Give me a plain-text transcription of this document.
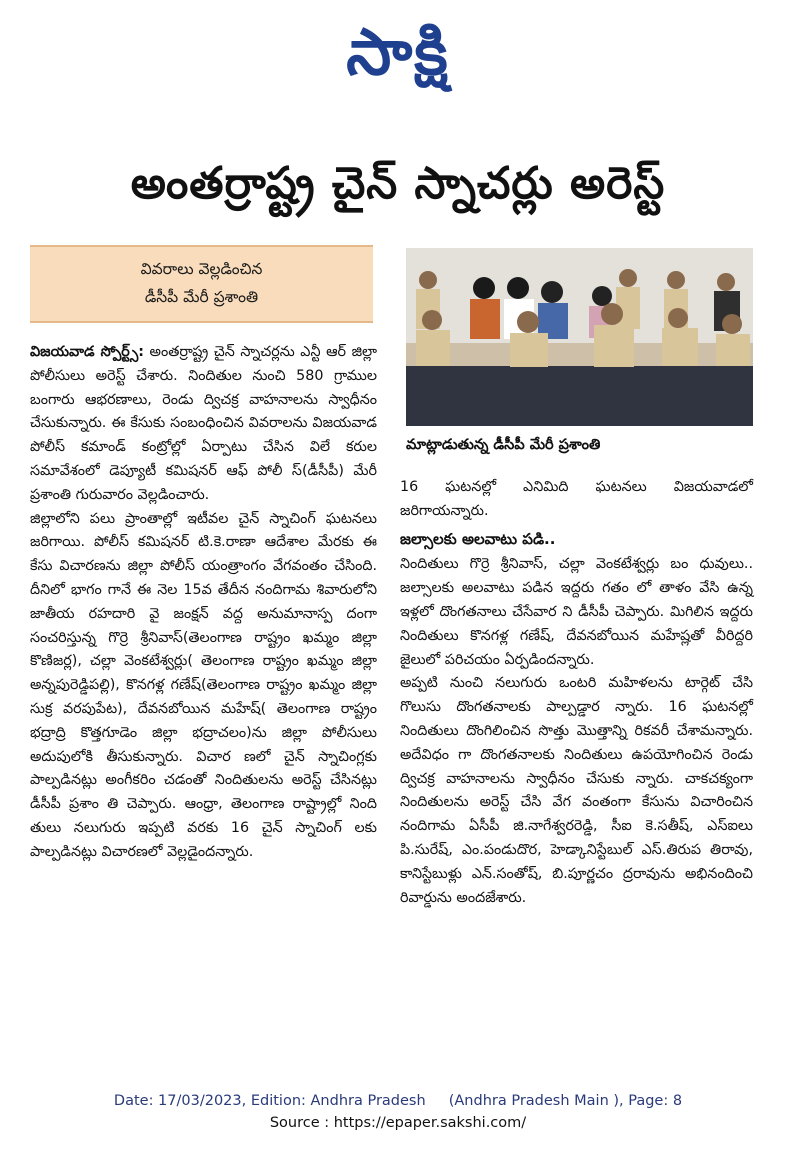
సాక్షి
అంతర్రాష్ట్ర చైన్ స్నాచర్లు అరెస్ట్
వివరాలు వెల్లడించిన
డీసీపీ మేరీ ప్రశాంతి
మాట్లాడుతున్న డీసీపీ మేరీ ప్రశాంతి

విజయవాడ స్పోర్ట్స్: అంతర్రాష్ట్ర చైన్ స్నాచర్లను ఎన్టీ ఆర్ జిల్లా పోలీసులు అరెస్ట్ చేశారు. నిందితుల నుంచి 580 గ్రాముల బంగారు ఆభరణాలు, రెండు ద్విచక్ర వాహనాలను స్వాధీనం చేసుకున్నారు. ఈ కేసుకు సంబంధించిన వివరాలను విజయవాడ పోలీస్ కమాండ్ కంట్రోల్లో ఏర్పాటు చేసిన విలే కరుల సమావేశంలో డెప్యూటీ కమిషనర్ ఆఫ్ పోలీ స్(డీసీపీ) మేరీ ప్రశాంతి గురువారం వెల్లడించారు.

జిల్లాలోని పలు ప్రాంతాల్లో ఇటీవల చైన్ స్నాచింగ్ ఘటనలు జరిగాయి. పోలీస్ కమిషనర్ టి.కె.రాణా ఆదేశాల మేరకు ఈ కేసు విచారణను జిల్లా పోలీస్ యంత్రాంగం వేగవంతం చేసింది. దీనిలో భాగం గానే ఈ నెల 15వ తేదీన నందిగామ శివారులోని జాతీయ రహదారి వై జంక్షన్ వద్ద అనుమానాస్ప దంగా సంచరిస్తున్న గొర్రె శ్రీనివాస్(తెలంగాణ రాష్ట్రం ఖమ్మం జిల్లా కొణిజర్ల), చల్లా వెంకటేశ్వర్లు( తెలంగాణ రాష్ట్రం ఖమ్మం జిల్లా అన్నపురెడ్డిపల్లి), కొనగళ్ల గణేష్(తెలంగాణ రాష్ట్రం ఖమ్మం జిల్లా సుక్ర వరపుపేట), దేవనబోయిన మహేష్( తెలంగాణ రాష్ట్రం భద్రాద్రి కొత్తగూడెం జిల్లా భద్రాచలం)ను జిల్లా పోలీసులు అదుపులోకి తీసుకున్నారు. విచార ణలో చైన్ స్నాచింగ్లకు పాల్పడినట్లు అంగీకరిం చడంతో నిందితులను అరెస్ట్ చేసినట్లు డీసీపీ ప్రశాం తి చెప్పారు. ఆంధ్రా, తెలంగాణ రాష్ట్రాల్లో నింది తులు నలుగురు ఇప్పటి వరకు 16 చైన్ స్నాచింగ్ లకు పాల్పడినట్లు విచారణలో వెల్లడైందన్నారు.

16 ఘటనల్లో ఎనిమిది ఘటనలు విజయవాడలో జరిగాయన్నారు.

జల్సాలకు అలవాటు పడి..

నిందితులు గొర్రె శ్రీనివాస్, చల్లా వెంకటేశ్వర్లు బం ధువులు.. జల్సాలకు అలవాటు పడిన ఇద్దరు గతం లో తాళం వేసి ఉన్న ఇళ్లలో దొంగతనాలు చేసేవార ని డీసీపీ చెప్పారు. మిగిలిన ఇద్దరు నిందితులు కొనగళ్ల గణేష్, దేవనబోయిన మహేష్లతో వీరిద్దరి జైలులో పరిచయం ఏర్పడిందన్నారు.

అప్పటి నుంచి నలుగురు ఒంటరి మహిళలను టార్గెట్ చేసి గొలుసు దొంగతనాలకు పాల్పడ్డార న్నారు. 16 ఘటనల్లో నిందితులు దొంగిలించిన సొత్తు మొత్తాన్ని రికవరీ చేశామన్నారు. అదేవిధం గా దొంగతనాలకు నిందితులు ఉపయోగించిన రెండు ద్విచక్ర వాహనాలను స్వాధీనం చేసుకు న్నారు. చాకచక్యంగా నిందితులను అరెస్ట్ చేసి వేగ వంతంగా కేసును విచారించిన నందిగామ ఏసీపీ జి.నాగేశ్వరరెడ్డి, సీఐ కె.సతీష్, ఎస్ఐలు పి.సురేష్, ఎం.పండుదొర, హెడ్కానిస్టేబుల్ ఎస్.తిరుప తిరావు, కానిస్టేబుళ్లు ఎన్.సంతోష్, బి.పూర్ణచం ద్రరావును అభినందించి రివార్డును అందజేశారు.

Date: 17/03/2023, Edition: Andhra Pradesh     (Andhra Pradesh Main ), Page: 8
Source : https://epaper.sakshi.com/
